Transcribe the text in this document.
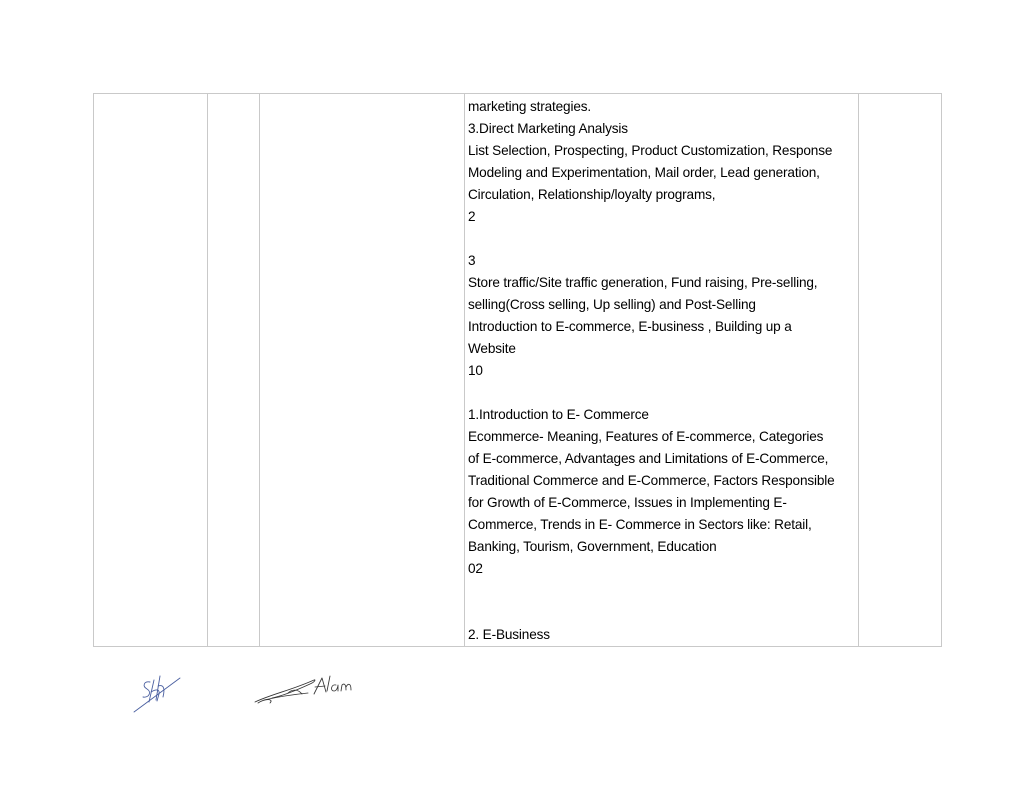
marketing strategies.
3.Direct Marketing Analysis
List Selection, Prospecting, Product Customization, Response
Modeling and Experimentation, Mail order, Lead generation,
Circulation, Relationship/loyalty programs,
2
3
Store traffic/Site traffic generation, Fund raising, Pre-selling,
selling(Cross selling, Up selling) and Post-Selling
Introduction to E-commerce, E-business , Building up a
Website
10
1.Introduction to E- Commerce
Ecommerce- Meaning, Features of E-commerce, Categories
of E-commerce, Advantages and Limitations of E-Commerce,
Traditional Commerce and E-Commerce, Factors Responsible
for Growth of E-Commerce, Issues in Implementing E-
Commerce, Trends in E- Commerce in Sectors like: Retail,
Banking, Tourism, Government, Education
02
2. E-Business
